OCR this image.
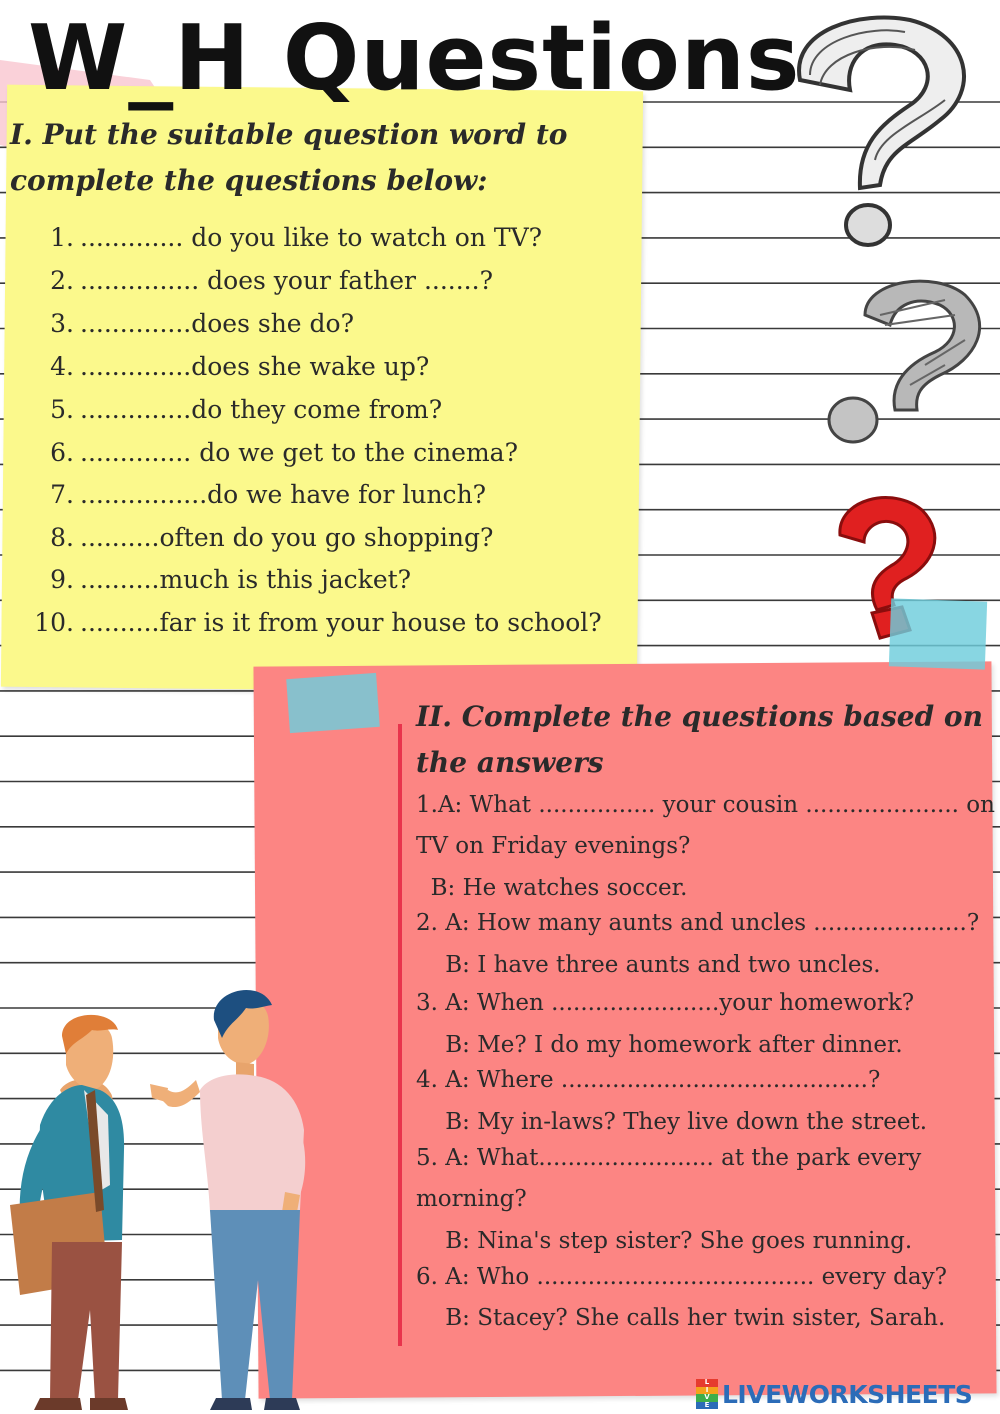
W_H Questions

I. Put the suitable question word to complete the questions below:

1. ............. do you like to watch on TV?
2. ............... does your father .......?
3. ..............does she do?
4. ..............does she wake up?
5. ..............do they come from?
6. .............. do we get to the cinema?
7. ................do we have for lunch?
8. ..........often do you go shopping?
9. ..........much is this jacket?
10. ..........far is it from your house to school?

II. Complete the questions based on the answers

1.A: What ................ your cousin ..................... on
TV on Friday evenings?
B: He watches soccer.
2. A: How many aunts and uncles .....................?
B: I have three aunts and two uncles.
3. A: When .......................your homework?
B: Me? I do my homework after dinner.
4. A: Where ..........................................?
B: My in-laws? They live down the street.
5. A: What........................ at the park every
morning?
B: Nina's step sister? She goes running.
6. A: Who ...................................... every day?
B: Stacey? She calls her twin sister, Sarah.
L
I
V
E LIVEWORKSHEETS
